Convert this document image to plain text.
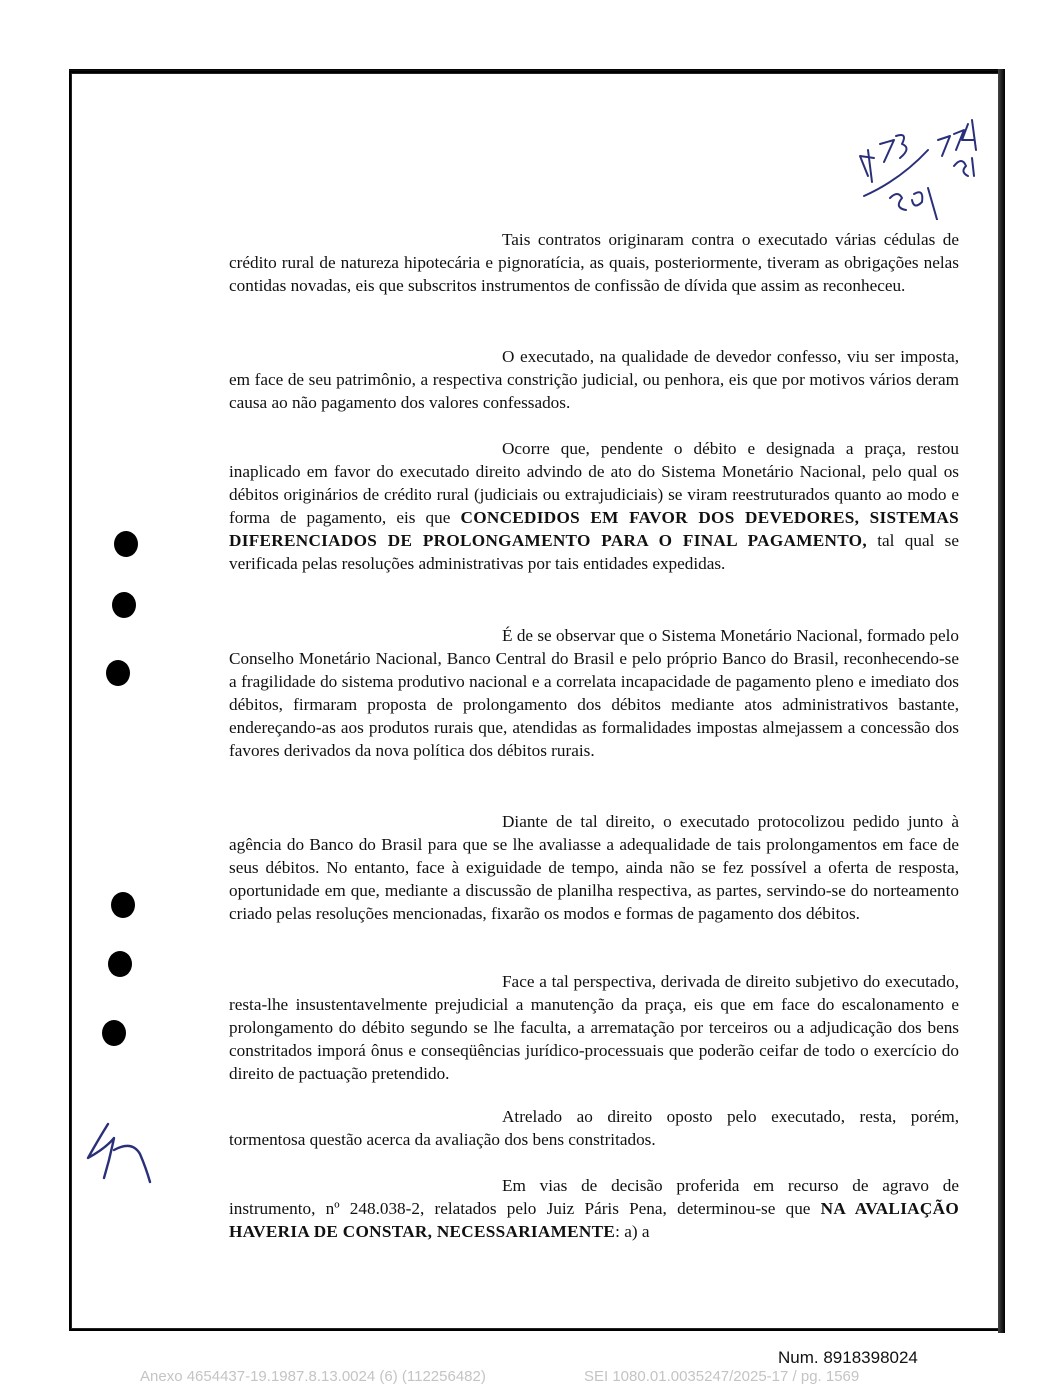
Tais contratos originaram contra o executado várias cédulas de crédito rural de natureza hipotecária e pignoratícia, as quais, posteriormente, tiveram as obrigações nelas contidas novadas, eis que subscritos instrumentos de confissão de dívida que assim as reconheceu.

O executado, na qualidade de devedor confesso, viu ser imposta, em face de seu patrimônio, a respectiva constrição judicial, ou penhora, eis que por motivos vários deram causa ao não pagamento dos valores confessados.

Ocorre que, pendente o débito e designada a praça, restou inaplicado em favor do executado direito advindo de ato do Sistema Monetário Nacional, pelo qual os débitos originários de crédito rural (judiciais ou extrajudiciais) se viram reestruturados quanto ao modo e forma de pagamento, eis que CONCEDIDOS EM FAVOR DOS DEVEDORES, SISTEMAS DIFERENCIADOS DE PROLONGAMENTO PARA O FINAL PAGAMENTO, tal qual se verificada pelas resoluções administrativas por tais entidades expedidas.

É de se observar que o Sistema Monetário Nacional, formado pelo Conselho Monetário Nacional, Banco Central do Brasil e pelo próprio Banco do Brasil, reconhecendo-se a fragilidade do sistema produtivo nacional e a correlata incapacidade de pagamento pleno e imediato dos débitos, firmaram proposta de prolongamento dos débitos mediante atos administrativos bastante, endereçando-as aos produtos rurais que, atendidas as formalidades impostas almejassem a concessão dos favores derivados da nova política dos débitos rurais.

Diante de tal direito, o executado protocolizou pedido junto à agência do Banco do Brasil para que se lhe avaliasse a adequalidade de tais prolongamentos em face de seus débitos. No entanto, face à exiguidade de tempo, ainda não se fez possível a oferta de resposta, oportunidade em que, mediante a discussão de planilha respectiva, as partes, servindo-se do norteamento criado pelas resoluções mencionadas, fixarão os modos e formas de pagamento dos débitos.

Face a tal perspectiva, derivada de direito subjetivo do executado, resta-lhe insustentavelmente prejudicial a manutenção da praça, eis que em face do escalonamento e prolongamento do débito segundo se lhe faculta, a arrematação por terceiros ou a adjudicação dos bens constritados imporá ônus e conseqüências jurídico-processuais que poderão ceifar de todo o exercício do direito de pactuação pretendido.

Atrelado ao direito oposto pelo executado, resta, porém, tormentosa questão acerca da avaliação dos bens constritados.

Em vias de decisão proferida em recurso de agravo de instrumento, nº 248.038-2, relatados pelo Juiz Páris Pena, determinou-se que NA AVALIAÇÃO HAVERIA DE CONSTAR, NECESSARIAMENTE: a) a

Num. 8918398024
Anexo 4654437-19.1987.8.13.0024 (6) (112256482)	SEI 1080.01.0035247/2025-17 / pg. 1569
